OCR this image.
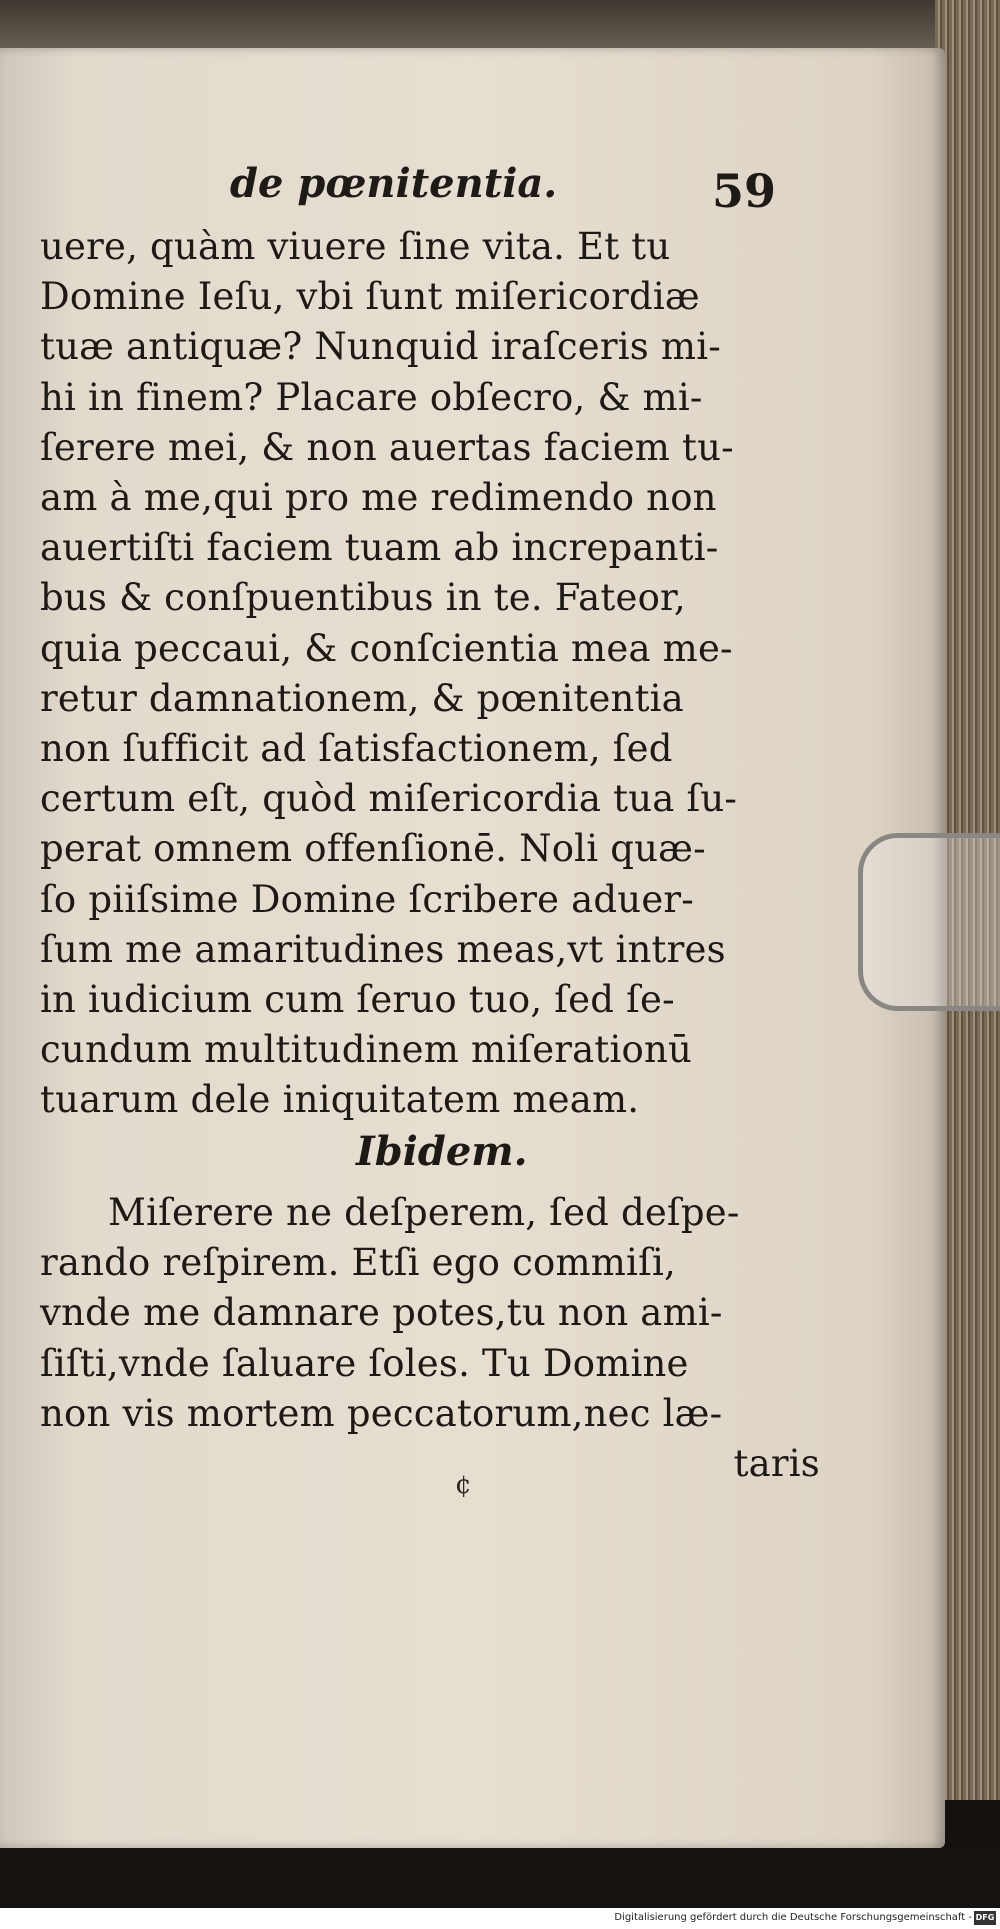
de pœnitentia.	59
uere, quàm viuere ſine vita. Et tu
Domine Ieſu, vbi ſunt miſericordiæ
tuæ antiquæ? Nunquid iraſceris mi-
hi in finem? Placare obſecro, & mi-
ſerere mei, & non auertas faciem tu-
am à me,qui pro me redimendo non
auertiſti faciem tuam ab increpanti-
bus & conſpuentibus in te. Fateor,
quia peccaui, & conſcientia mea me-
retur damnationem, & pœnitentia
non ſufficit ad ſatisfactionem, ſed
certum eſt, quòd miſericordia tua ſu-
perat omnem offenſionē. Noli quæ-
ſo piiſsime Domine ſcribere aduer-
ſum me amaritudines meas,vt intres
in iudicium cum ſeruo tuo, ſed ſe-
cundum multitudinem miſerationū
tuarum dele iniquitatem meam.
Ibidem.
Miſerere ne deſperem, ſed deſpe-
rando reſpirem. Etſi ego commiſi,
vnde me damnare potes,tu non ami-
ſiſti,vnde ſaluare ſoles. Tu Domine
non vis mortem peccatorum,nec læ-
taris
¢
Digitalisierung gefördert durch die Deutsche Forschungsgemeinschaft - DFG
